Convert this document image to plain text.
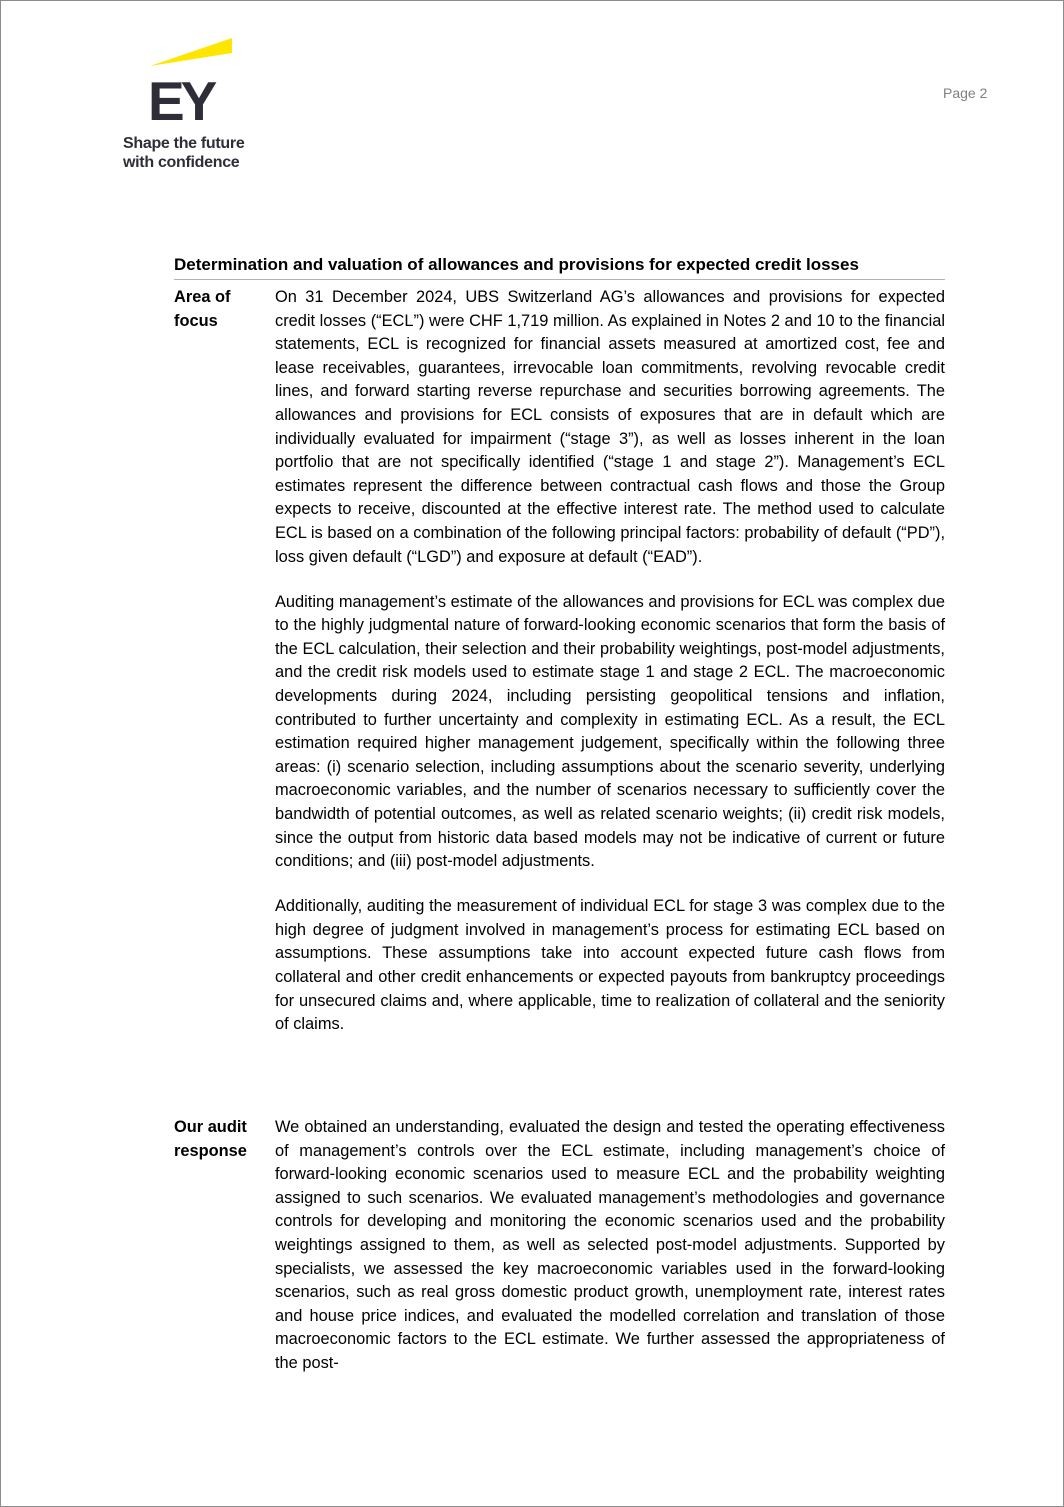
EY
Shape the future
with confidence
Page 2
Determination and valuation of allowances and provisions for expected credit losses
Area of
focus

On 31 December 2024, UBS Switzerland AG’s allowances and provisions for expected credit losses (“ECL”) were CHF 1,719 million. As explained in Notes 2 and 10 to the financial statements, ECL is recognized for financial assets measured at amortized cost, fee and lease receivables, guarantees, irrevocable loan commitments, revolving revocable credit lines, and forward starting reverse repurchase and securities borrowing agreements. The allowances and provisions for ECL consists of exposures that are in default which are individually evaluated for impairment (“stage 3”), as well as losses inherent in the loan portfolio that are not specifically identified (“stage 1 and stage 2”). Management’s ECL estimates represent the difference between contractual cash flows and those the Group expects to receive, discounted at the effective interest rate. The method used to calculate ECL is based on a combination of the following principal factors: probability of default (“PD”), loss given default (“LGD”) and exposure at default (“EAD”).

Auditing management’s estimate of the allowances and provisions for ECL was complex due to the highly judgmental nature of forward-looking economic scenarios that form the basis of the ECL calculation, their selection and their probability weightings, post-model adjustments, and the credit risk models used to estimate stage 1 and stage 2 ECL. The macroeconomic developments during 2024, including persisting geopolitical tensions and inflation, contributed to further uncertainty and complexity in estimating ECL. As a result, the ECL estimation required higher management judgement, specifically within the following three areas: (i) scenario selection, including assumptions about the scenario severity, underlying macroeconomic variables, and the number of scenarios necessary to sufficiently cover the bandwidth of potential outcomes, as well as related scenario weights; (ii) credit risk models, since the output from historic data based models may not be indicative of current or future conditions; and (iii) post-model adjustments.

Additionally, auditing the measurement of individual ECL for stage 3 was complex due to the high degree of judgment involved in management’s process for estimating ECL based on assumptions. These assumptions take into account expected future cash flows from collateral and other credit enhancements or expected payouts from bankruptcy proceedings for unsecured claims and, where applicable, time to realization of collateral and the seniority of claims.

Our audit
response

We obtained an understanding, evaluated the design and tested the operating effectiveness of management’s controls over the ECL estimate, including management’s choice of forward-looking economic scenarios used to measure ECL and the probability weighting assigned to such scenarios. We evaluated management’s methodologies and governance controls for developing and monitoring the economic scenarios used and the probability weightings assigned to them, as well as selected post-model adjustments. Supported by specialists, we assessed the key macroeconomic variables used in the forward-looking scenarios, such as real gross domestic product growth, unemployment rate, interest rates and house price indices, and evaluated the modelled correlation and translation of those macroeconomic factors to the ECL estimate. We further assessed the appropriateness of the post-
